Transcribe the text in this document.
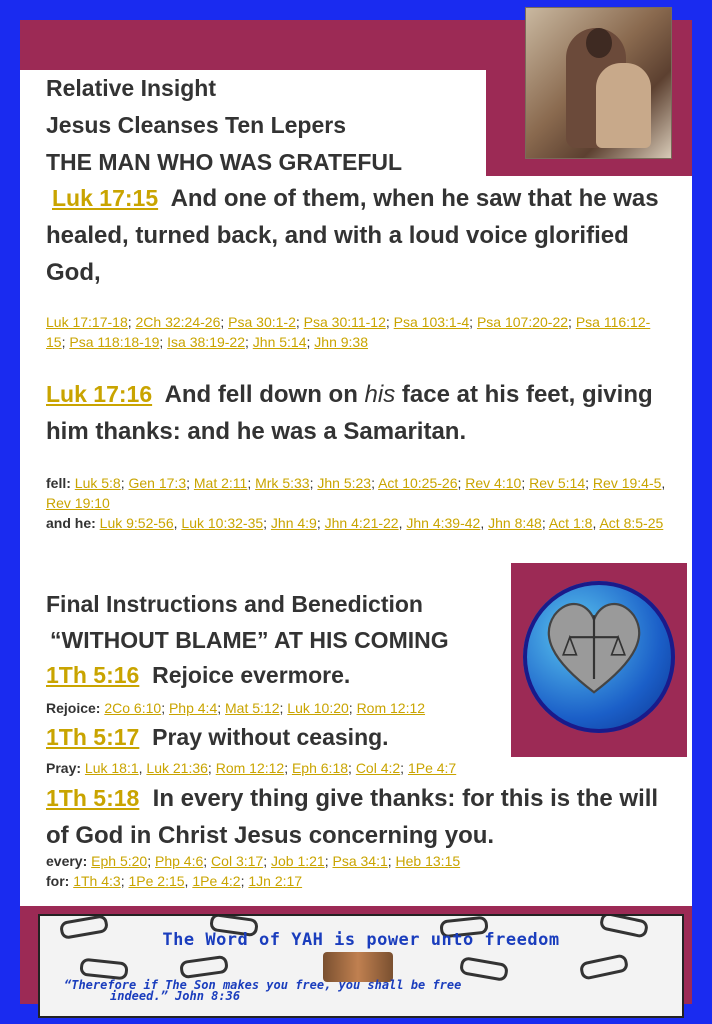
Relative Insight
Jesus Cleanses Ten Lepers
THE MAN WHO WAS GRATEFUL
Luk 17:15 And one of them, when he saw that he was healed, turned back, and with a loud voice glorified God,
Luk 17:17-18; 2Ch 32:24-26; Psa 30:1-2; Psa 30:11-12; Psa 103:1-4; Psa 107:20-22; Psa 116:12-15; Psa 118:18-19; Isa 38:19-22; Jhn 5:14; Jhn 9:38
Luk 17:16 And fell down on his face at his feet, giving him thanks: and he was a Samaritan.
fell: Luk 5:8; Gen 17:3; Mat 2:11; Mrk 5:33; Jhn 5:23; Act 10:25-26; Rev 4:10; Rev 5:14; Rev 19:4-5, Rev 19:10
and he: Luk 9:52-56, Luk 10:32-35; Jhn 4:9; Jhn 4:21-22, Jhn 4:39-42, Jhn 8:48; Act 1:8, Act 8:5-25
Final Instructions and Benediction
“WITHOUT BLAME” AT HIS COMING
1Th 5:16 Rejoice evermore.
Rejoice: 2Co 6:10; Php 4:4; Mat 5:12; Luk 10:20; Rom 12:12
1Th 5:17 Pray without ceasing.
Pray: Luk 18:1, Luk 21:36; Rom 12:12; Eph 6:18; Col 4:2; 1Pe 4:7
1Th 5:18 In every thing give thanks: for this is the will of God in Christ Jesus concerning you.
every: Eph 5:20; Php 4:6; Col 3:17; Job 1:21; Psa 34:1; Heb 13:15
for: 1Th 4:3; 1Pe 2:15, 1Pe 4:2; 1Jn 2:17
The Word of YAH is power unto freedom
“Therefore if The Son makes you free, you shall be free
indeed.” John 8:36
